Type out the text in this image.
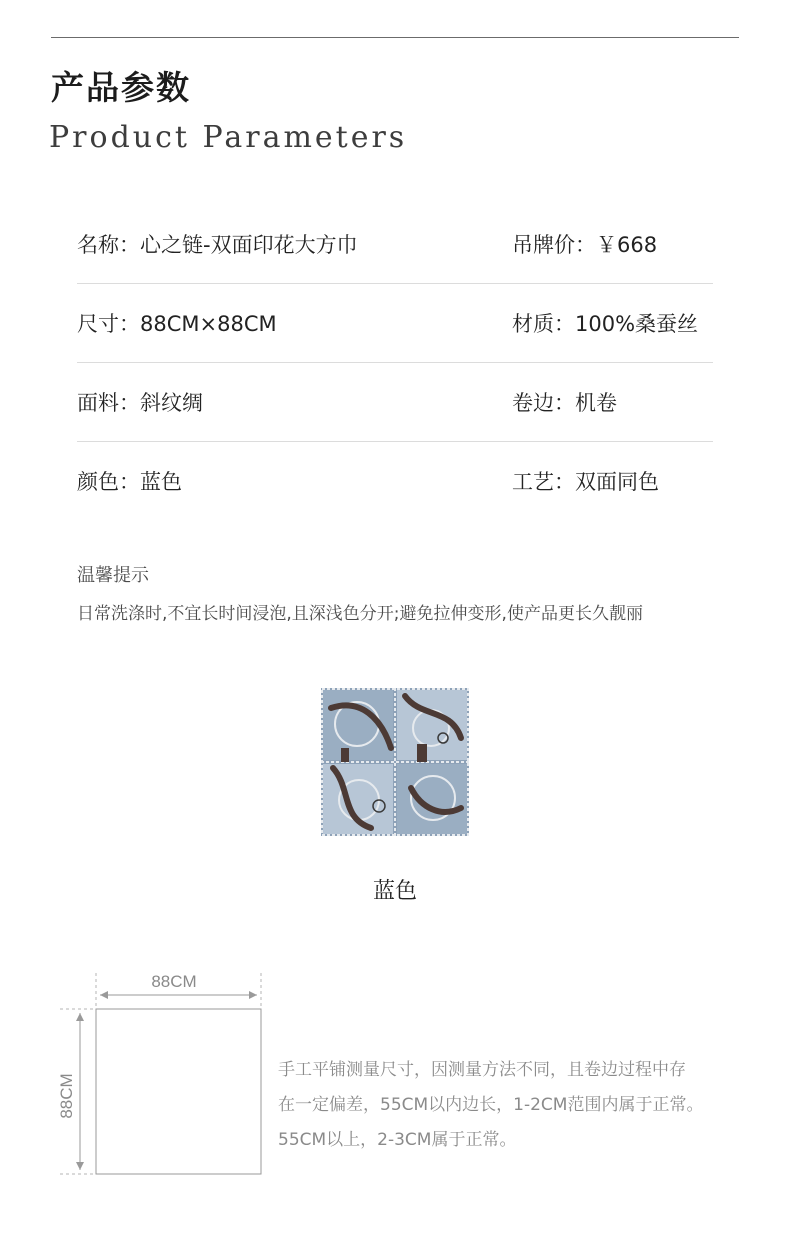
产品参数
Product Parameters
名称：心之链-双面印花大方巾	吊牌价：￥668
尺寸：88CM×88CM	材质：100%桑蚕丝
面料：斜纹绸	卷边：机卷
颜色：蓝色	工艺：双面同色
温馨提示
日常洗涤时,不宜长时间浸泡,且深浅色分开;避免拉伸变形,使产品更长久靓丽
蓝色
88CM
88CM
手工平铺测量尺寸，因测量方法不同，且卷边过程中存
在一定偏差，55CM以内边长，1-2CM范围内属于正常。
55CM以上，2-3CM属于正常。
